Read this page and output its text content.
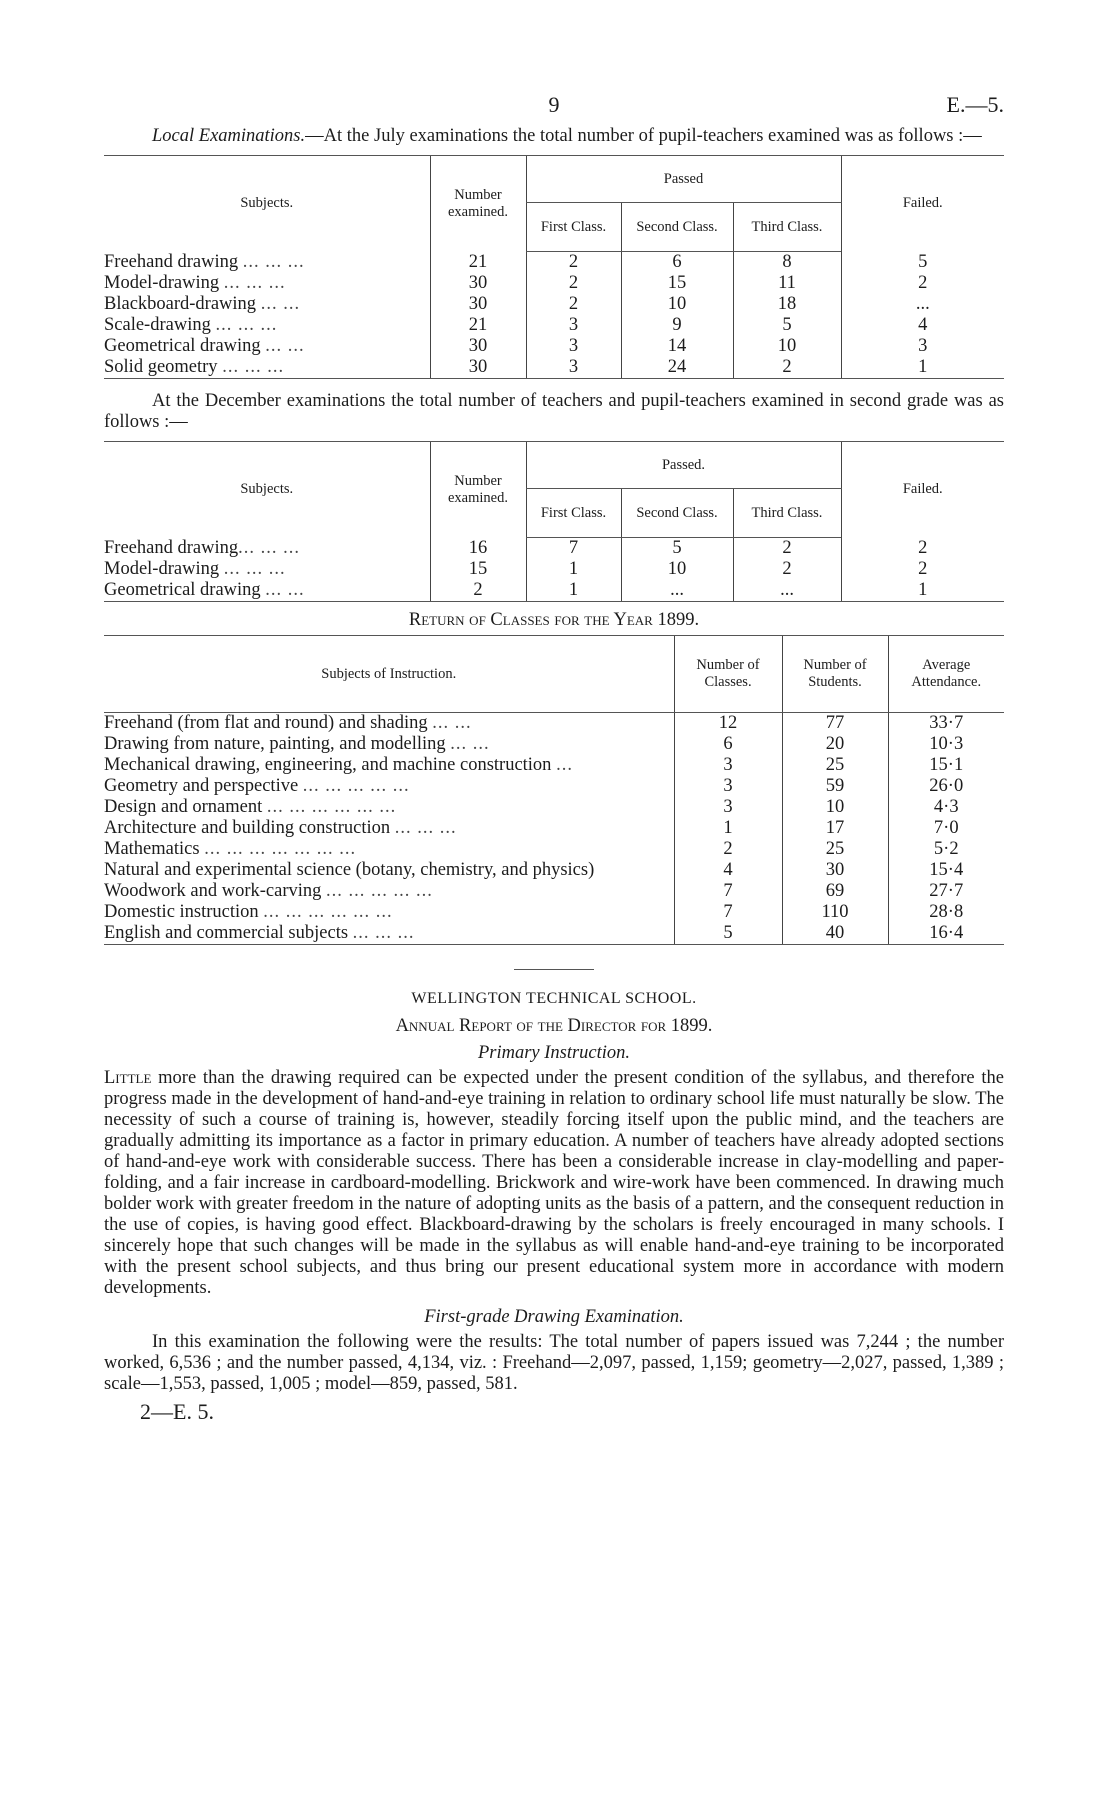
9	E.—5.

Local Examinations.—At the July examinations the total number of pupil-teachers examined was as follows :—

Subjects.	Number examined.	Passed			Failed.
		First Class.	Second Class.	Third Class.	
Freehand drawing ... ... ...	21	2	6	8	5
Model-drawing ... ... ...	30	2	15	11	2
Blackboard-drawing ... ...	30	2	10	18	...
Scale-drawing ... ... ...	21	3	9	5	4
Geometrical drawing ... ...	30	3	14	10	3
Solid geometry ... ... ...	30	3	24	2	1

At the December examinations the total number of teachers and pupil-teachers examined in second grade was as follows :—

Subjects.	Number examined.	Passed.			Failed.
		First Class.	Second Class.	Third Class.	
Freehand drawing... ... ...	16	7	5	2	2
Model-drawing ... ... ...	15	1	10	2	2
Geometrical drawing ... ...	2	1	...	...	1
Return of Classes for the Year 1899.
Subjects of Instruction.	Number of Classes.	Number of Students.	Average Attendance.
Freehand (from flat and round) and shading ... ...	12	77	33·7
Drawing from nature, painting, and modelling ... ...	6	20	10·3
Mechanical drawing, engineering, and machine construction ...	3	25	15·1
Geometry and perspective ... ... ... ... ...	3	59	26·0
Design and ornament ... ... ... ... ... ...	3	10	4·3
Architecture and building construction ... ... ...	1	17	7·0
Mathematics ... ... ... ... ... ... ...	2	25	5·2
Natural and experimental science (botany, chemistry, and physics)	4	30	15·4
Woodwork and work-carving ... ... ... ... ...	7	69	27·7
Domestic instruction ... ... ... ... ... ...	7	110	28·8
English and commercial subjects ... ... ...	5	40	16·4
WELLINGTON TECHNICAL SCHOOL.
Annual Report of the Director for 1899.
Primary Instruction.

Little more than the drawing required can be expected under the present condition of the syllabus, and therefore the progress made in the development of hand-and-eye training in relation to ordinary school life must naturally be slow. The necessity of such a course of training is, however, steadily forcing itself upon the public mind, and the teachers are gradually admitting its importance as a factor in primary education. A number of teachers have already adopted sections of hand-and-eye work with considerable success. There has been a considerable increase in clay-modelling and paper-folding, and a fair increase in cardboard-modelling. Brickwork and wire-work have been commenced. In drawing much bolder work with greater freedom in the nature of adopting units as the basis of a pattern, and the consequent reduction in the use of copies, is having good effect. Blackboard-drawing by the scholars is freely encouraged in many schools. I sincerely hope that such changes will be made in the syllabus as will enable hand-and-eye training to be incorporated with the present school subjects, and thus bring our present educational system more in accordance with modern developments.

First-grade Drawing Examination.

In this examination the following were the results: The total number of papers issued was 7,244 ; the number worked, 6,536 ; and the number passed, 4,134, viz. : Freehand—2,097, passed, 1,159; geometry—2,027, passed, 1,389 ; scale—1,553, passed, 1,005 ; model—859, passed, 581.

2—E. 5.
